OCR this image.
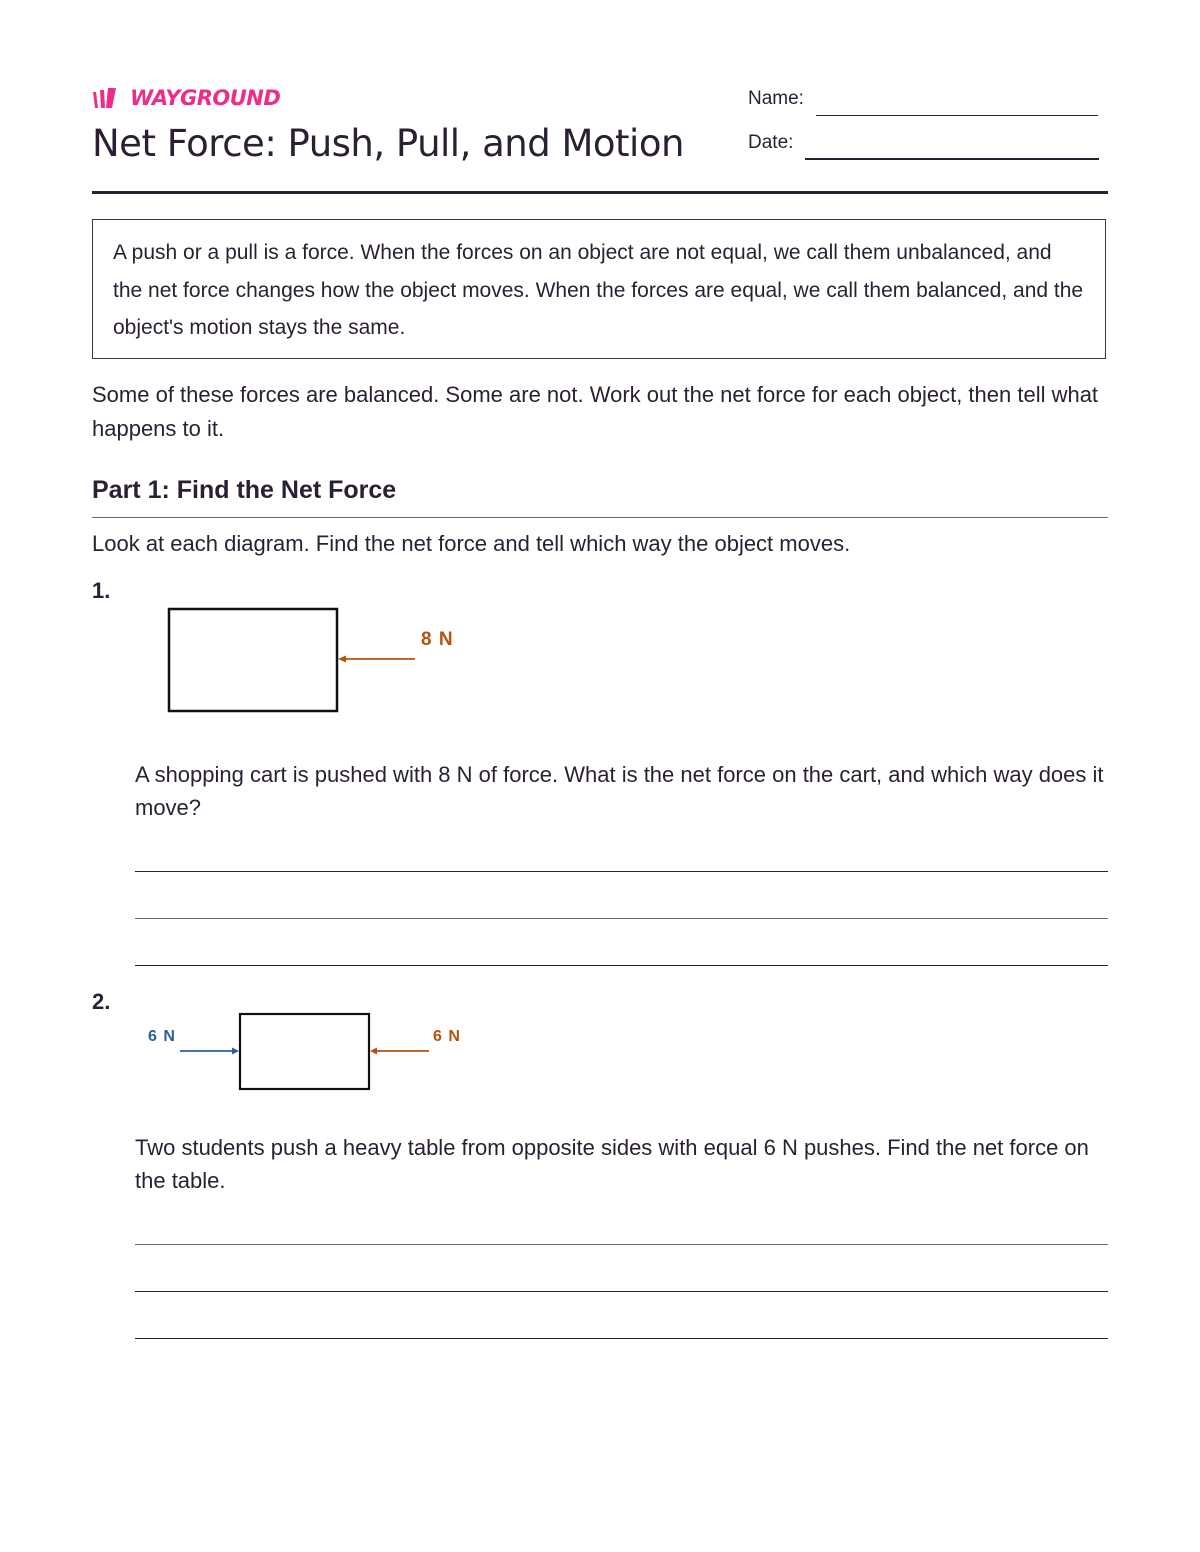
WAYGROUND
Net Force: Push, Pull, and Motion
Name:
Date:
A push or a pull is a force. When the forces on an object are not equal, we call them unbalanced, and the net force changes how the object moves. When the forces are equal, we call them balanced, and the object's motion stays the same.

Some of these forces are balanced. Some are not. Work out the net force for each object, then tell what happens to it.

Part 1: Find the Net Force

Look at each diagram. Find the net force and tell which way the object moves.

1.
8 N

A shopping cart is pushed with 8 N of force. What is the net force on the cart, and which way does it move?

2.
6 N	6 N

Two students push a heavy table from opposite sides with equal 6 N pushes. Find the net force on the table.
